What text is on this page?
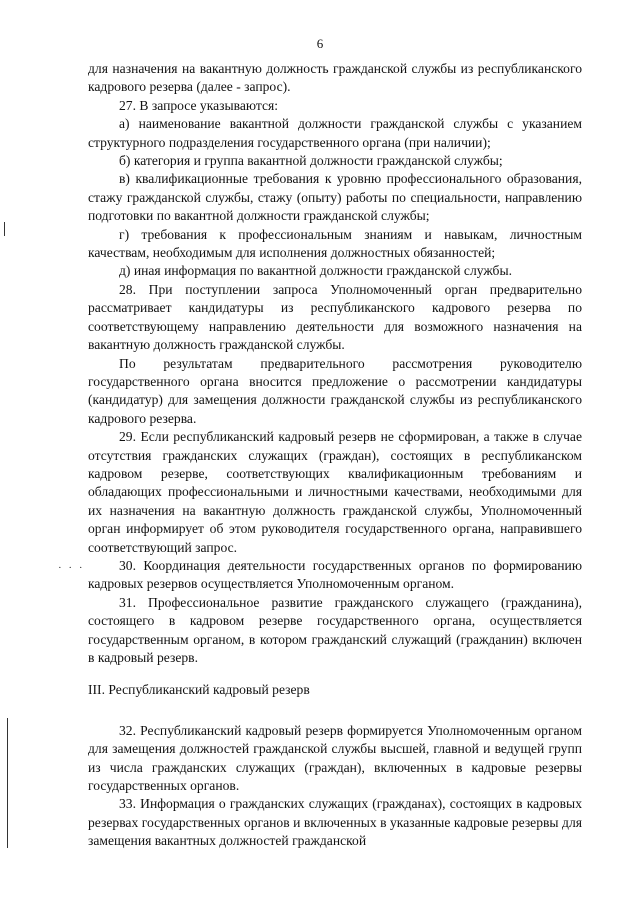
6
· · ·

для назначения на вакантную должность гражданской службы из республиканского кадрового резерва (далее - запрос).

27. В запросе указываются:

а) наименование вакантной должности гражданской службы с указанием структурного подразделения государственного органа (при наличии);

б) категория и группа вакантной должности гражданской службы;

в) квалификационные требования к уровню профессионального образования, стажу гражданской службы, стажу (опыту) работы по специальности, направлению подготовки по вакантной должности гражданской службы;

г) требования к профессиональным знаниям и навыкам, личностным качествам, необходимым для исполнения должностных обязанностей;

д) иная информация по вакантной должности гражданской службы.

28. При поступлении запроса Уполномоченный орган предварительно рассматривает кандидатуры из республиканского кадрового резерва по соответствующему направлению деятельности для возможного назначения на вакантную должность гражданской службы.

По результатам предварительного рассмотрения руководителю государственного органа вносится предложение о рассмотрении кандидатуры (кандидатур) для замещения должности гражданской службы из республиканского кадрового резерва.

29. Если республиканский кадровый резерв не сформирован, а также в случае отсутствия гражданских служащих (граждан), состоящих в республиканском кадровом резерве, соответствующих квалификационным требованиям и обладающих профессиональными и личностными качествами, необходимыми для их назначения на вакантную должность гражданской службы, Уполномоченный орган информирует об этом руководителя государственного органа, направившего соответствующий запрос.

30. Координация деятельности государственных органов по формированию кадровых резервов осуществляется Уполномоченным органом.

31. Профессиональное развитие гражданского служащего (гражданина), состоящего в кадровом резерве государственного органа, осуществляется государственным органом, в котором гражданский служащий (гражданин) включен в кадровый резерв.

III. Республиканский кадровый резерв

32. Республиканский кадровый резерв формируется Уполномоченным органом для замещения должностей гражданской службы высшей, главной и ведущей групп из числа гражданских служащих (граждан), включенных в кадровые резервы государственных органов.

33. Информация о гражданских служащих (гражданах), состоящих в кадровых резервах государственных органов и включенных в указанные кадровые резервы для замещения вакантных должностей гражданской
